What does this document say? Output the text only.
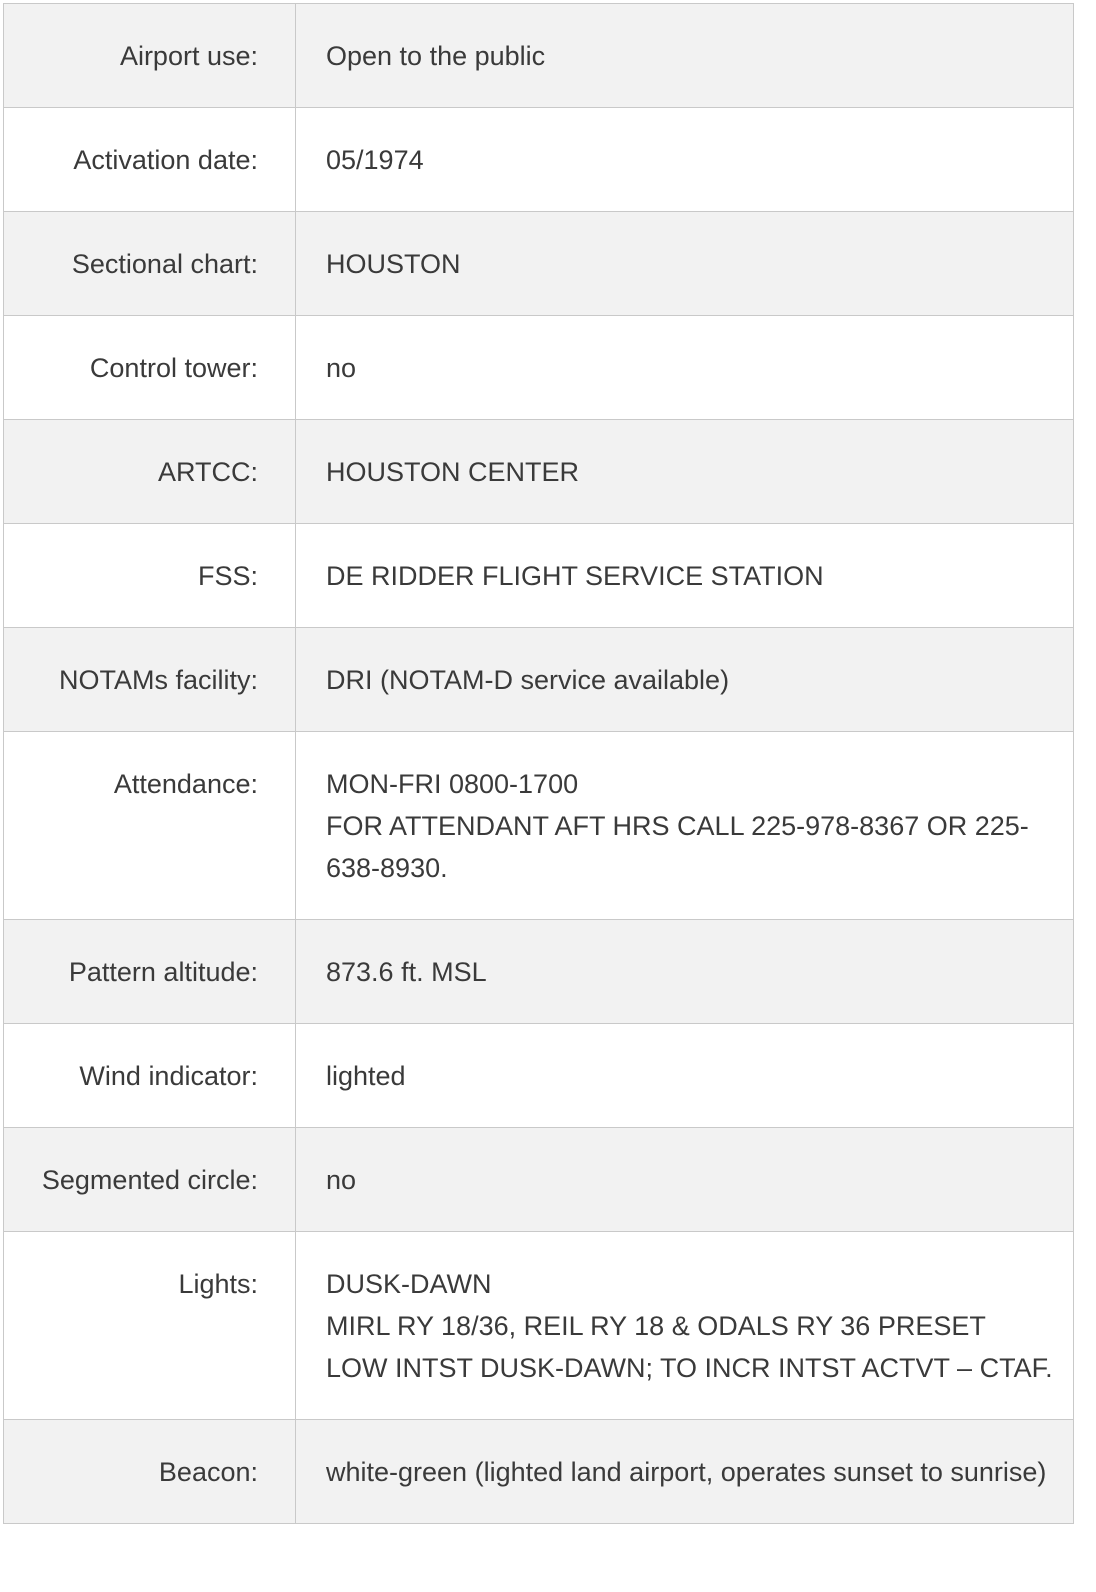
Airport use:	Open to the public

Activation date:	05/1974

Sectional chart:	HOUSTON

Control tower:	no

ARTCC:	HOUSTON CENTER

FSS:	DE RIDDER FLIGHT SERVICE STATION

NOTAMs facility:	DRI (NOTAM-D service available)

Attendance:	MON-FRI 0800-1700
FOR ATTENDANT AFT HRS CALL 225-978-8367 OR 225-638-8930.

Pattern altitude:	873.6 ft. MSL

Wind indicator:	lighted

Segmented circle:	no

Lights:	DUSK-DAWN
MIRL RY 18/36, REIL RY 18 & ODALS RY 36 PRESET LOW INTST DUSK-DAWN; TO INCR INTST ACTVT – CTAF.

Beacon:	white-green (lighted land airport, operates sunset to sunrise)
